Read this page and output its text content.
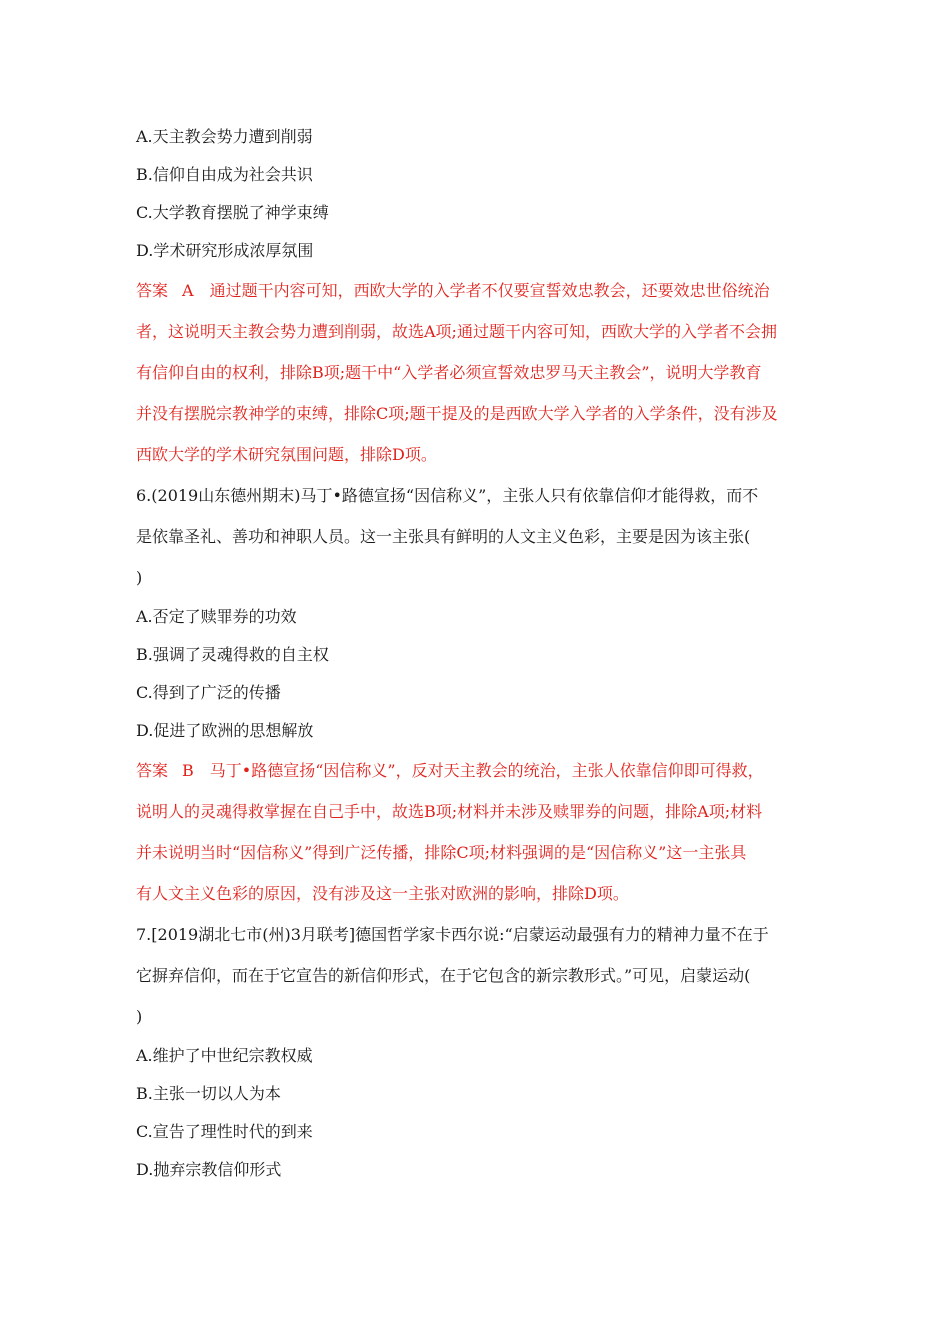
A.天主教会势力遭到削弱
B.信仰自由成为社会共识
C.大学教育摆脱了神学束缚
D.学术研究形成浓厚氛围
答案 A 通过题干内容可知，西欧大学的入学者不仅要宣誓效忠教会，还要效忠世俗统治
者，这说明天主教会势力遭到削弱，故选A项;通过题干内容可知，西欧大学的入学者不会拥
有信仰自由的权利，排除B项;题干中“入学者必须宣誓效忠罗马天主教会”，说明大学教育
并没有摆脱宗教神学的束缚，排除C项;题干提及的是西欧大学入学者的入学条件，没有涉及
西欧大学的学术研究氛围问题，排除D项。
6.(2019山东德州期末)马丁•路德宣扬“因信称义”，主张人只有依靠信仰才能得救，而不
是依靠圣礼、善功和神职人员。这一主张具有鲜明的人文主义色彩，主要是因为该主张(
)
A.否定了赎罪券的功效
B.强调了灵魂得救的自主权
C.得到了广泛的传播
D.促进了欧洲的思想解放
答案 B 马丁•路德宣扬“因信称义”，反对天主教会的统治，主张人依靠信仰即可得救，
说明人的灵魂得救掌握在自己手中，故选B项;材料并未涉及赎罪券的问题，排除A项;材料
并未说明当时“因信称义”得到广泛传播，排除C项;材料强调的是“因信称义”这一主张具
有人文主义色彩的原因，没有涉及这一主张对欧洲的影响，排除D项。
7.[2019湖北七市(州)3月联考]德国哲学家卡西尔说:“启蒙运动最强有力的精神力量不在于
它摒弃信仰，而在于它宣告的新信仰形式，在于它包含的新宗教形式。”可见，启蒙运动(
)
A.维护了中世纪宗教权威
B.主张一切以人为本
C.宣告了理性时代的到来
D.抛弃宗教信仰形式
